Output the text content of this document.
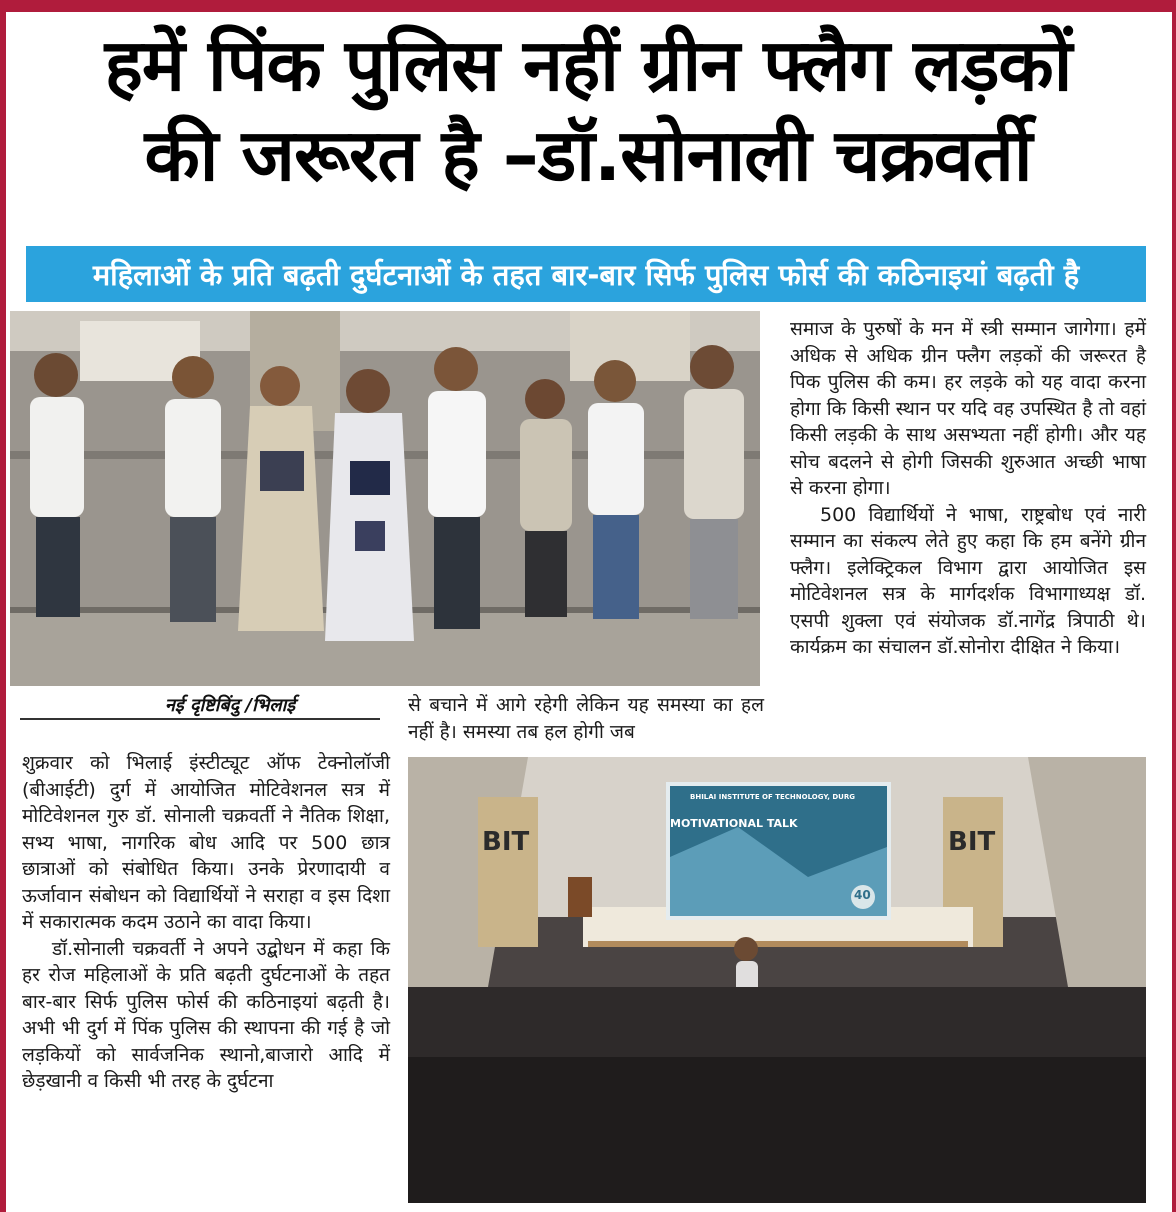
हमें पिंक पुलिस नहीं ग्रीन फ्लैग लड़कों
की जरूरत है –डॉ.सोनाली चक्रवर्ती
महिलाओं के प्रति बढ़ती दुर्घटनाओं के तहत बार-बार सिर्फ पुलिस फोर्स की कठिनाइयां बढ़ती है
नई दृष्टिबिंदु /भिलाई

शुक्रवार को भिलाई इंस्टीट्यूट ऑफ टेक्नोलॉजी (बीआईटी) दुर्ग में आयोजित मोटिवेशनल सत्र में मोटिवेशनल गुरु डॉ. सोनाली चक्रवर्ती ने नैतिक शिक्षा, सभ्य भाषा, नागरिक बोध आदि पर 500 छात्र छात्राओं को संबोधित किया। उनके प्रेरणादायी व ऊर्जावान संबोधन को विद्यार्थियों ने सराहा व इस दिशा में सकारात्मक कदम उठाने का वादा किया।

डॉ.सोनाली चक्रवर्ती ने अपने उद्बोधन में कहा कि हर रोज महिलाओं के प्रति बढ़ती दुर्घटनाओं के तहत बार-बार सिर्फ पुलिस फोर्स की कठिनाइयां बढ़ती है। अभी भी दुर्ग में पिंक पुलिस की स्थापना की गई है जो लड़कियों को सार्वजनिक स्थानो,बाजारो आदि में छेड़खानी व किसी भी तरह के दुर्घटना

से बचाने में आगे रहेगी लेकिन यह समस्या का हल नहीं है। समस्या तब हल होगी जब

समाज के पुरुषों के मन में स्त्री सम्मान जागेगा। हमें अधिक से अधिक ग्रीन फ्लैग लड़कों की जरूरत है पिक पुलिस की कम। हर लड़के को यह वादा करना होगा कि किसी स्थान पर यदि वह उपस्थित है तो वहां किसी लड़की के साथ असभ्यता नहीं होगी। और यह सोच बदलने से होगी जिसकी शुरुआत अच्छी भाषा से करना होगा।

500 विद्यार्थियों ने भाषा, राष्ट्रबोध एवं नारी सम्मान का संकल्प लेते हुए कहा कि हम बनेंगे ग्रीन फ्लैग। इलेक्ट्रिकल विभाग द्वारा आयोजित इस मोटिवेशनल सत्र के मार्गदर्शक विभागाध्यक्ष डॉ. एसपी शुक्ला एवं संयोजक डॉ.नागेंद्र त्रिपाठी थे।कार्यक्रम का संचालन डॉ.सोनोरा दीक्षित ने किया।

MOTIVATIONAL TALK
BHILAI INSTITUTE OF TECHNOLOGY, DURG
40
BIT	BIT
